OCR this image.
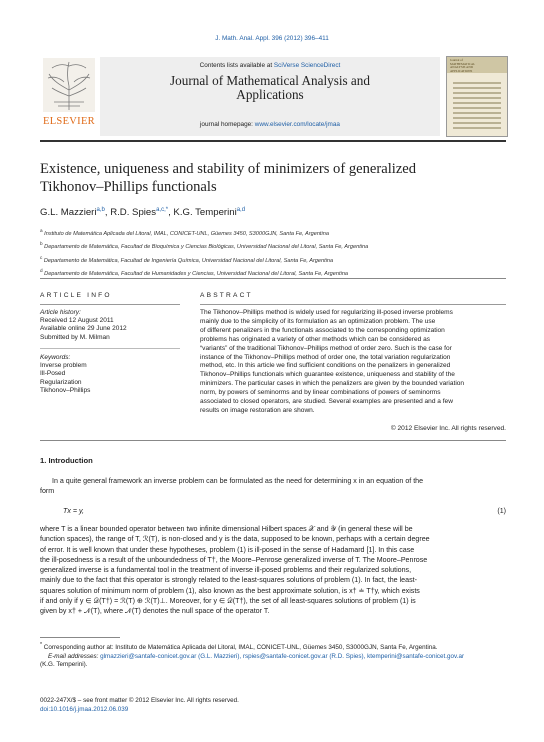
J. Math. Anal. Appl. 396 (2012) 396–411
ELSEVIER
Contents lists available at SciVerse ScienceDirect
Journal of Mathematical Analysis and
Applications
journal homepage: www.elsevier.com/locate/jmaa
Journal of
MATHEMATICAL
ANALYSIS AND
APPLICATIONS
Existence, uniqueness and stability of minimizers of generalized
Tikhonov–Phillips functionals
G.L. Mazzieri$^{a,b}$, R.D. Spies$^{a,c,*}$, K.G. Temperini$^{a,d}$
$^a$ Instituto de Matemática Aplicada del Litoral, IMAL, CONICET-UNL, Güemes 3450, S3000GJN, Santa Fe, Argentina
$^b$ Departamento de Matemática, Facultad de Bioquímica y Ciencias Biológicas, Universidad Nacional del Litoral, Santa Fe, Argentina
$^c$ Departamento de Matemática, Facultad de Ingeniería Química, Universidad Nacional del Litoral, Santa Fe, Argentina
$^d$ Departamento de Matemática, Facultad de Humanidades y Ciencias, Universidad Nacional del Litoral, Santa Fe, Argentina
ARTICLE INFO
Article history:
Received 12 August 2011
Available online 29 June 2012
Submitted by M. Milman
Keywords:
Inverse problem
Ill-Posed
Regularization
Tikhonov–Phillips
ABSTRACT
The Tikhonov–Phillips method is widely used for regularizing ill-posed inverse problems
mainly due to the simplicity of its formulation as an optimization problem. The use
of different penalizers in the functionals associated to the corresponding optimization
problems has originated a variety of other methods which can be considered as
“variants” of the traditional Tikhonov–Phillips method of order zero. Such is the case for
instance of the Tikhonov–Phillips method of order one, the total variation regularization
method, etc. In this article we find sufficient conditions on the penalizers in generalized
Tikhonov–Phillips functionals which guarantee existence, uniqueness and stability of the
minimizers. The particular cases in which the penalizers are given by the bounded variation
norm, by powers of seminorms and by linear combinations of powers of seminorms
associated to closed operators, are studied. Several examples are presented and a few
results on image restoration are shown.
© 2012 Elsevier Inc. All rights reserved.
1. Introduction
In a quite general framework an inverse problem can be formulated as the need for determining x in an equation of the
form
Tx = y,	(1)
where T is a linear bounded operator between two infinite dimensional Hilbert spaces 𝒳 and 𝒴 (in general these will be
function spaces), the range of T, ℛ(T), is non-closed and y is the data, supposed to be known, perhaps with a certain degree
of error. It is well known that under these hypotheses, problem (1) is ill-posed in the sense of Hadamard [1]. In this case
the ill-posedness is a result of the unboundedness of T†, the Moore–Penrose generalized inverse of T. The Moore–Penrose
generalized inverse is a fundamental tool in the treatment of inverse ill-posed problems and their regularized solutions,
mainly due to the fact that this operator is strongly related to the least-squares solutions of problem (1). In fact, the least-
squares solution of minimum norm of problem (1), also known as the best approximate solution, is x† ≐ T†y, which exists
if and only if y ∈ 𝒟(T†) = ℛ(T) ⊕ ℛ(T)⊥. Moreover, for y ∈ 𝒟(T†), the set of all least-squares solutions of problem (1) is
given by x† + 𝒩(T), where 𝒩(T) denotes the null space of the operator T.
* Corresponding author at: Instituto de Matemática Aplicada del Litoral, IMAL, CONICET-UNL, Güemes 3450, S3000GJN, Santa Fe, Argentina.
E-mail addresses: glmazzieri@santafe-conicet.gov.ar (G.L. Mazzieri), rspies@santafe-conicet.gov.ar (R.D. Spies), ktemperini@santafe-conicet.gov.ar
(K.G. Temperini).
0022-247X/$ – see front matter © 2012 Elsevier Inc. All rights reserved.
doi:10.1016/j.jmaa.2012.06.039
